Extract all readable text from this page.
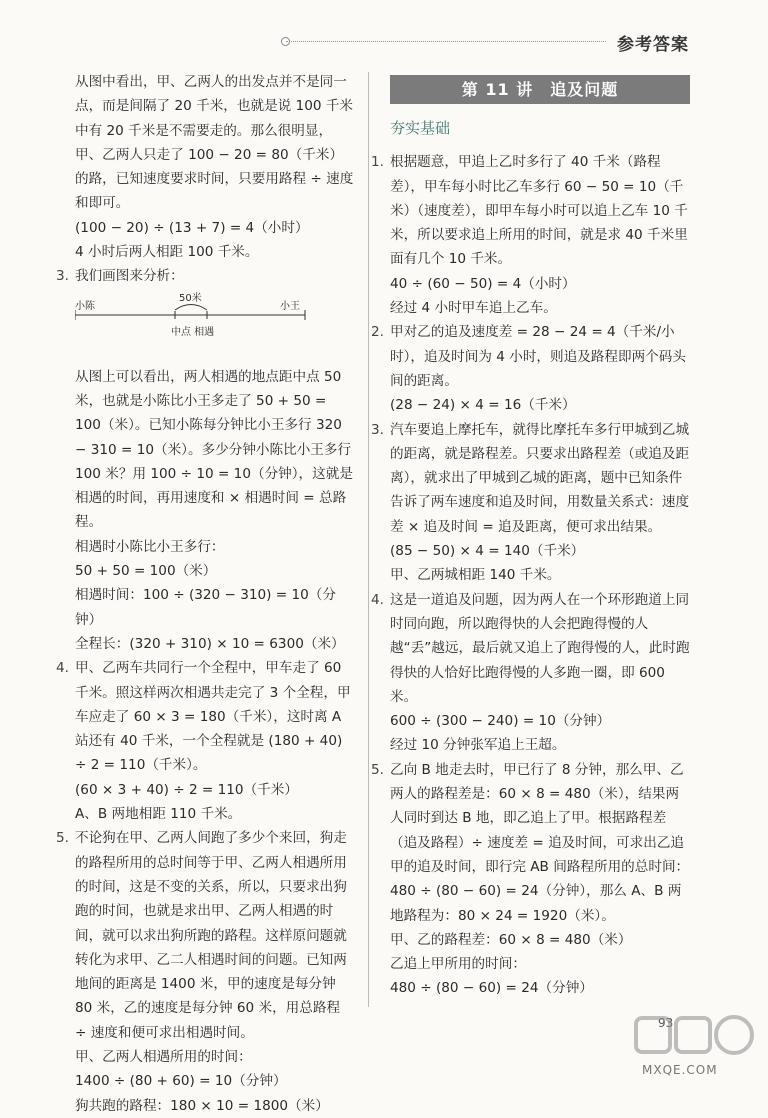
参考答案

从图中看出，甲、乙两人的出发点并不是同一点，而是间隔了 20 千米，也就是说 100 千米中有 20 千米是不需要走的。那么很明显，甲、乙两人只走了 100 − 20 = 80（千米）的路，已知速度要求时间，只要用路程 ÷ 速度和即可。

(100 − 20) ÷ (13 + 7) = 4（小时）

4 小时后两人相距 100 千米。

3. 我们画图来分析：

小陈	小王
50米
中点 相遇

从图上可以看出，两人相遇的地点距中点 50 米，也就是小陈比小王多走了 50 + 50 = 100（米）。已知小陈每分钟比小王多行 320 − 310 = 10（米）。多少分钟小陈比小王多行 100 米？用 100 ÷ 10 = 10（分钟），这就是相遇的时间，再用速度和 × 相遇时间 = 总路程。

相遇时小陈比小王多行：

50 + 50 = 100（米）

相遇时间：100 ÷ (320 − 310) = 10（分钟）

全程长：(320 + 310) × 10 = 6300（米）

4. 甲、乙两车共同行一个全程中，甲车走了 60 千米。照这样两次相遇共走完了 3 个全程，甲车应走了 60 × 3 = 180（千米），这时离 A 站还有 40 千米，一个全程就是 (180 + 40) ÷ 2 = 110（千米）。

(60 × 3 + 40) ÷ 2 = 110（千米）

A、B 两地相距 110 千米。

5. 不论狗在甲、乙两人间跑了多少个来回，狗走的路程所用的总时间等于甲、乙两人相遇所用的时间，这是不变的关系，所以，只要求出狗跑的时间，也就是求出甲、乙两人相遇的时间，就可以求出狗所跑的路程。这样原问题就转化为求甲、乙二人相遇时间的问题。已知两地间的距离是 1400 米，甲的速度是每分钟 80 米，乙的速度是每分钟 60 米，用总路程 ÷ 速度和便可求出相遇时间。

甲、乙两人相遇所用的时间：

1400 ÷ (80 + 60) = 10（分钟）

狗共跑的路程：180 × 10 = 1800（米）

第 11 讲　追及问题
夯实基础
1. 根据题意，甲追上乙时多行了 40 千米（路程差），甲车每小时比乙车多行 60 − 50 = 10（千米）（速度差），即甲车每小时可以追上乙车 10 千米，所以要求追上所用的时间，就是求 40 千米里面有几个 10 千米。

40 ÷ (60 − 50) = 4（小时）

经过 4 小时甲车追上乙车。

2. 甲对乙的追及速度差 = 28 − 24 = 4（千米/小时），追及时间为 4 小时，则追及路程即两个码头间的距离。

(28 − 24) × 4 = 16（千米）

3. 汽车要追上摩托车，就得比摩托车多行甲城到乙城的距离，就是路程差。只要求出路程差（或追及距离），就求出了甲城到乙城的距离，题中已知条件告诉了两车速度和追及时间，用数量关系式：速度差 × 追及时间 = 追及距离，便可求出结果。

(85 − 50) × 4 = 140（千米）

甲、乙两城相距 140 千米。

4. 这是一道追及问题，因为两人在一个环形跑道上同时同向跑，所以跑得快的人会把跑得慢的人越“丢”越远，最后就又追上了跑得慢的人，此时跑得快的人恰好比跑得慢的人多跑一圈，即 600 米。

600 ÷ (300 − 240) = 10（分钟）

经过 10 分钟张军追上王超。

5. 乙向 B 地走去时，甲已行了 8 分钟，那么甲、乙两人的路程差是：60 × 8 = 480（米），结果两人同时到达 B 地，即乙追上了甲。根据路程差（追及路程）÷ 速度差 = 追及时间，可求出乙追甲的追及时间，即行完 AB 间路程所用的总时间：480 ÷ (80 − 60) = 24（分钟），那么 A、B 两地路程为：80 × 24 = 1920（米）。

甲、乙的路程差：60 × 8 = 480（米）

乙追上甲所用的时间：

480 ÷ (80 − 60) = 24（分钟）

93
MXQE.COM
